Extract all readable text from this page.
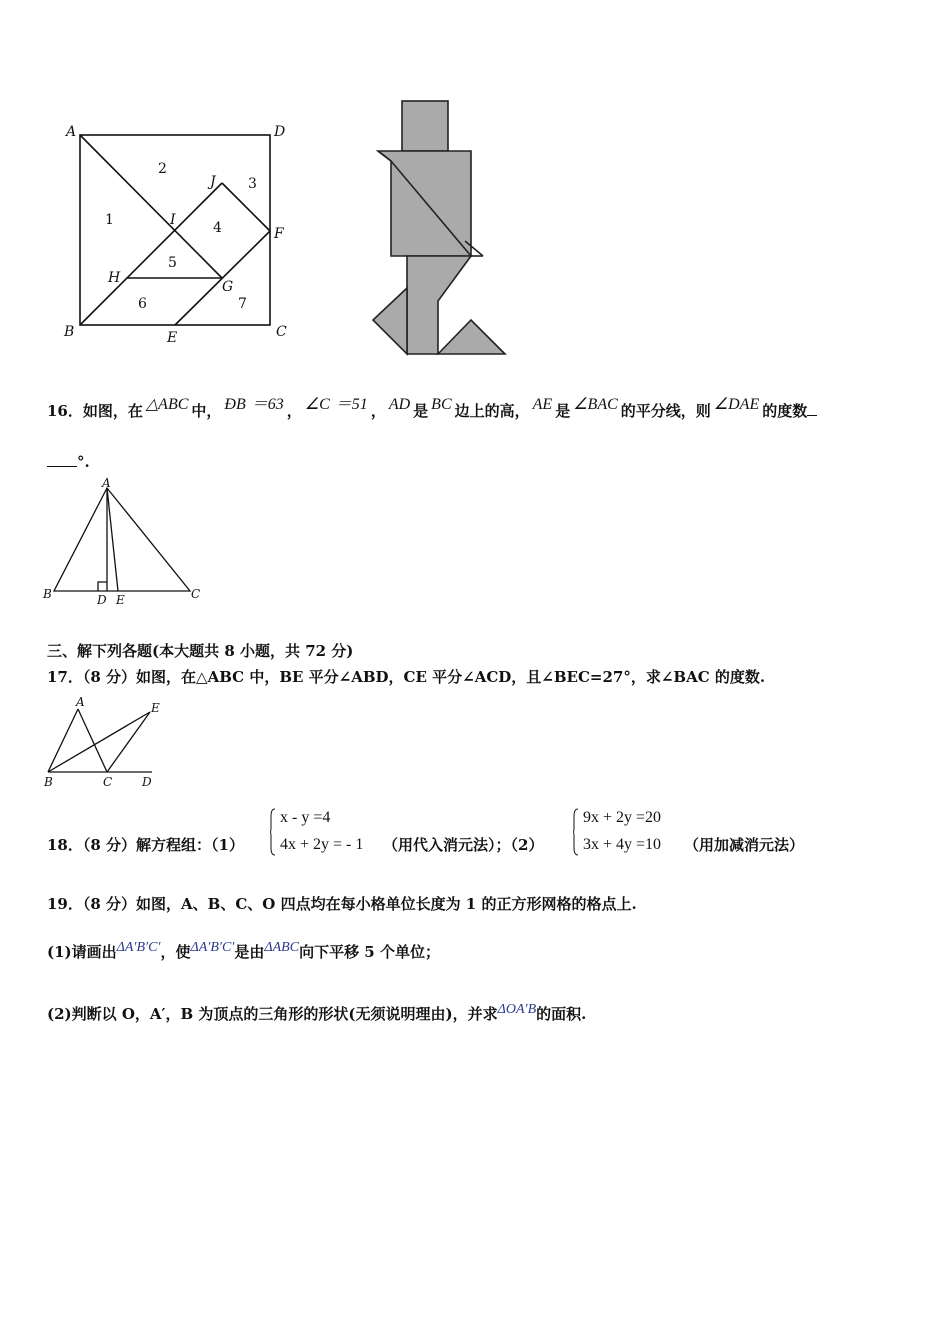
A	D
B	C
J
I
F
H
G
E
1
2
3
4
5
6	7
16．如图，在 △ABC 中， ÐB ＝63 ， ∠C ＝51 ， AD 是 BC 边上的高， AE 是 ∠BAC 的平分线，则 ∠DAE 的度数
°.
A
B	D E	C
三、解下列各题(本大题共 8 小题，共 72 分)
17．（8 分）如图，在△ABC 中，BE 平分∠ABD，CE 平分∠ACD，且∠BEC=27°，求∠BAC 的度数.
A	E
B	C D
18．（8 分）解方程组：（1）
x - y =4
4x + 2y = - 1 （用代入消元法）；（2）
9x + 2y =20
3x + 4y =10 （用加减消元法）
19．（8 分）如图，A、B、C、O 四点均在每小格单位长度为 1 的正方形网格的格点上.
(1)请画出ΔA′B′C′，使ΔA′B′C′是由ΔABC向下平移 5 个单位；
(2)判断以 O，A′，B 为顶点的三角形的形状(无须说明理由)，并求ΔOA′B的面积.
